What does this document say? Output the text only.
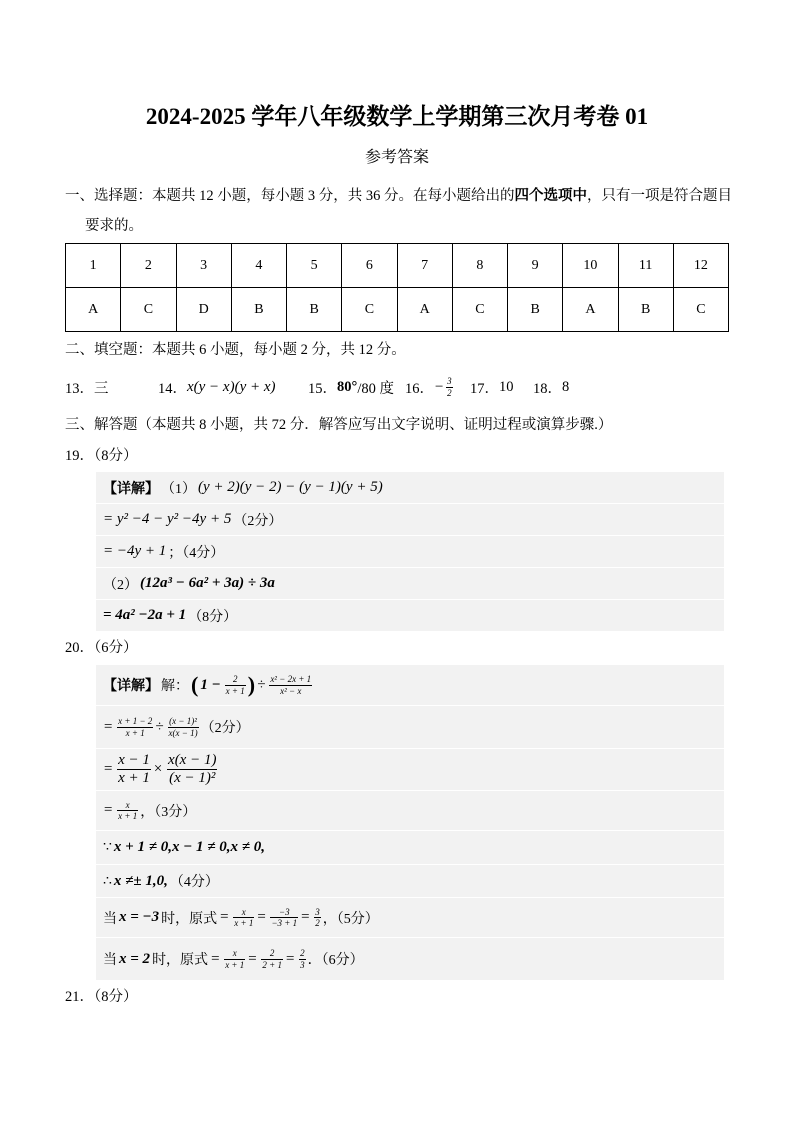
2024-2025 学年八年级数学上学期第三次月考卷 01
参考答案
一、选择题：本题共 12 小题，每小题 3 分，共 36 分。在每小题给出的四个选项中，只有一项是符合题目
要求的。
1	2	3	4	5	6	7	8	9	10	11	12
A	C	D	B	B	C	A	C	B	A	B	C
二、填空题：本题共 6 小题，每小题 2 分，共 12 分。
13． 三	14． x(y − x)(y + x) 15． 80° /80 度 16． − $\frac{3}{2} 17$． 10 18． 8
三、解答题（本题共 8 小题，共 72 分．解答应写出文字说明、证明过程或演算步骤.）
19．（8分）
【详解】 （1） (y + 2)(y − 2) − (y − 1)(y + 5)
= y² −4 − y² −4y + 5 （2分）
= −4y + 1 ；（4分）
（2） (12a³ − 6a² + 3a) ÷ 3a
= 4a² −2a + 1 （8分）
20．（6分）
【详解】 解： ( $1 - \frac{2}{x + 1}$ ) ÷ $\frac{\text{x² − 2x + 1}}{\text{x² − x}}$
= $\frac{x + 1 - 2}{x + 1} \div \frac{\text{(x − 1)²}}{x(x - 1)} (2$分）
= $\frac{x - 1}{x + 1} \times \frac{x(x - 1)}{\text{(x − 1)²}}$
= $\frac{x}{x + 1}$ ，（3分）
∵ x + 1 ≠ 0,x − 1 ≠ 0,x ≠ 0,
∴ x ≠± 1,0, （4分）
当 x = −3 时，原式 = $\frac{x}{x + 1} = \frac{-3}{-3 + 1} = \frac{3}{2}$ ，（5分）
当 x = 2 时，原式 = $\frac{x}{x + 1} = \frac{2}{2 + 1} = \frac{2}{3}$ ．（6分）
21．（8分）
